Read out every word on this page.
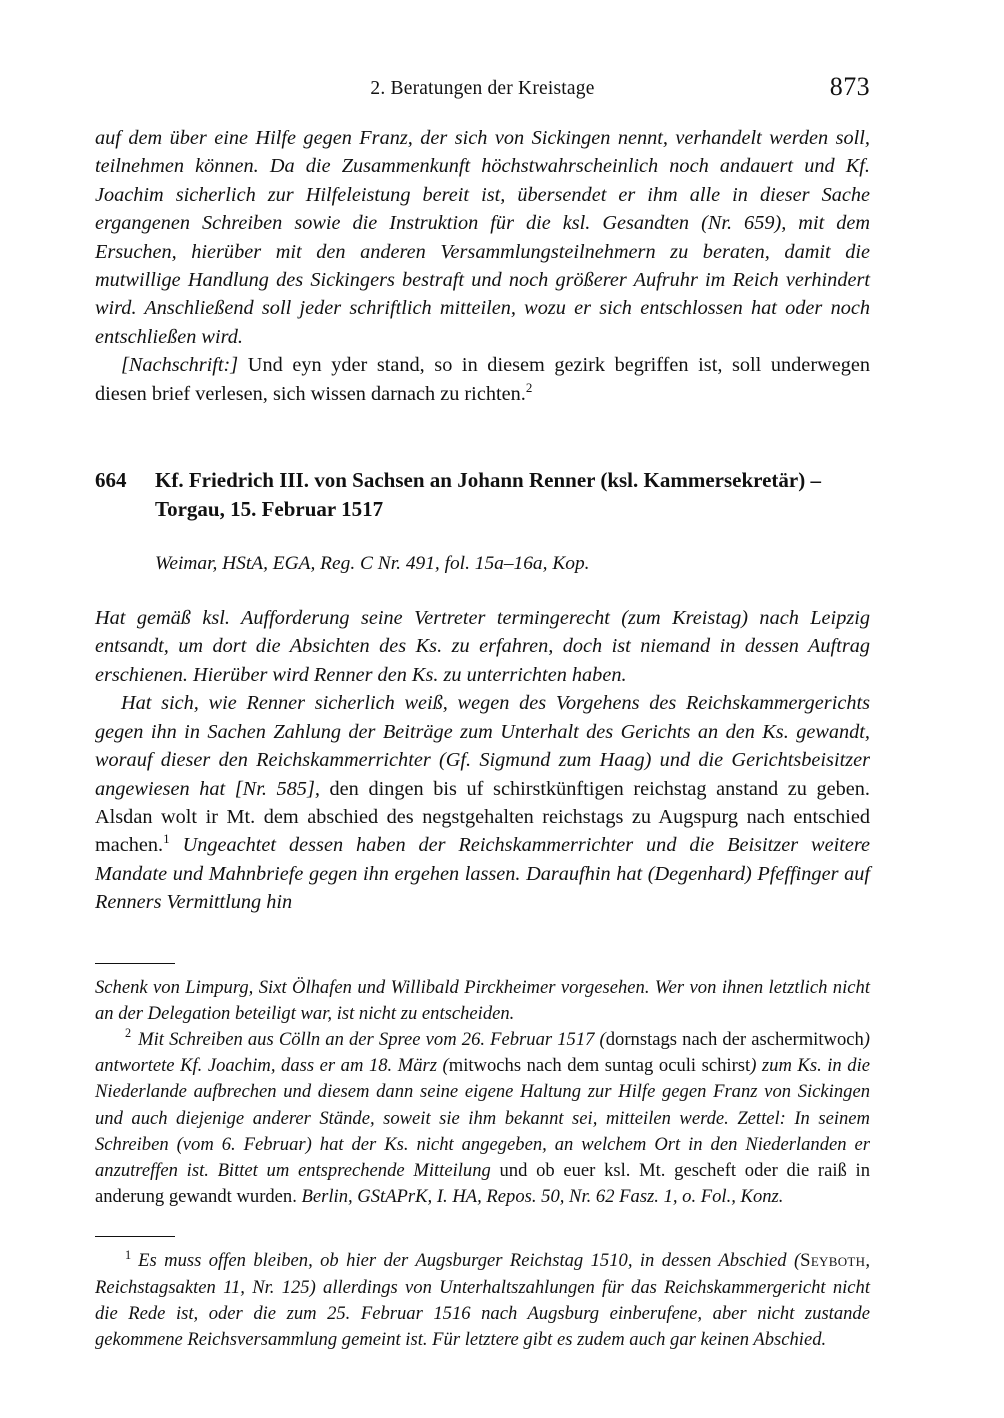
2. Beratungen der Kreistage	873

auf dem über eine Hilfe gegen Franz, der sich von Sickingen nennt, verhandelt werden soll, teilnehmen können. Da die Zusammenkunft höchstwahrscheinlich noch andauert und Kf. Joachim sicherlich zur Hilfeleistung bereit ist, übersendet er ihm alle in dieser Sache ergangenen Schreiben sowie die Instruktion für die ksl. Gesandten (Nr. 659), mit dem Ersuchen, hierüber mit den anderen Versammlungsteilnehmern zu beraten, damit die mutwillige Handlung des Sickingers bestraft und noch größerer Aufruhr im Reich verhindert wird. Anschließend soll jeder schriftlich mitteilen, wozu er sich entschlossen hat oder noch entschließen wird.

[Nachschrift:] Und eyn yder stand, so in diesem gezirk begriffen ist, soll underwegen diesen brief verlesen, sich wissen darnach zu richten.$^2$

664	Kf. Friedrich III. von Sachsen an Johann Renner (ksl. Kammersekretär) – Torgau, 15. Februar 1517
Weimar, HStA, EGA, Reg. C Nr. 491, fol. 15a–16a, Kop.

Hat gemäß ksl. Aufforderung seine Vertreter termingerecht (zum Kreistag) nach Leipzig entsandt, um dort die Absichten des Ks. zu erfahren, doch ist niemand in dessen Auftrag erschienen. Hierüber wird Renner den Ks. zu unterrichten haben.

Hat sich, wie Renner sicherlich weiß, wegen des Vorgehens des Reichskammergerichts gegen ihn in Sachen Zahlung der Beiträge zum Unterhalt des Gerichts an den Ks. gewandt, worauf dieser den Reichskammerrichter (Gf. Sigmund zum Haag) und die Gerichtsbeisitzer angewiesen hat [Nr. 585], den dingen bis uf schirstkünftigen reichstag anstand zu geben. Alsdan wolt ir Mt. dem abschied des negstgehalten reichstags zu Augspurg nach entschied machen.$^1$ Ungeachtet dessen haben der Reichskammerrichter und die Beisitzer weitere Mandate und Mahnbriefe gegen ihn ergehen lassen. Daraufhin hat (Degenhard) Pfeffinger auf Renners Vermittlung hin

Schenk von Limpurg, Sixt Ölhafen und Willibald Pirckheimer vorgesehen. Wer von ihnen letztlich nicht an der Delegation beteiligt war, ist nicht zu entscheiden.

$^2$ Mit Schreiben aus Cölln an der Spree vom 26. Februar 1517 (dornstags nach der aschermitwoch) antwortete Kf. Joachim, dass er am 18. März (mitwochs nach dem suntag oculi schirst) zum Ks. in die Niederlande aufbrechen und diesem dann seine eigene Haltung zur Hilfe gegen Franz von Sickingen und auch diejenige anderer Stände, soweit sie ihm bekannt sei, mitteilen werde. Zettel: In seinem Schreiben (vom 6. Februar) hat der Ks. nicht angegeben, an welchem Ort in den Niederlanden er anzutreffen ist. Bittet um entsprechende Mitteilung und ob euer ksl. Mt. gescheft oder die raiß in anderung gewandt wurden. Berlin, GStAPrK, I. HA, Repos. 50, Nr. 62 Fasz. 1, o. Fol., Konz.

$^1$ Es muss offen bleiben, ob hier der Augsburger Reichstag 1510, in dessen Abschied (Seyboth, Reichstagsakten 11, Nr. 125) allerdings von Unterhaltszahlungen für das Reichskammergericht nicht die Rede ist, oder die zum 25. Februar 1516 nach Augsburg einberufene, aber nicht zustande gekommene Reichsversammlung gemeint ist. Für letztere gibt es zudem auch gar keinen Abschied.
